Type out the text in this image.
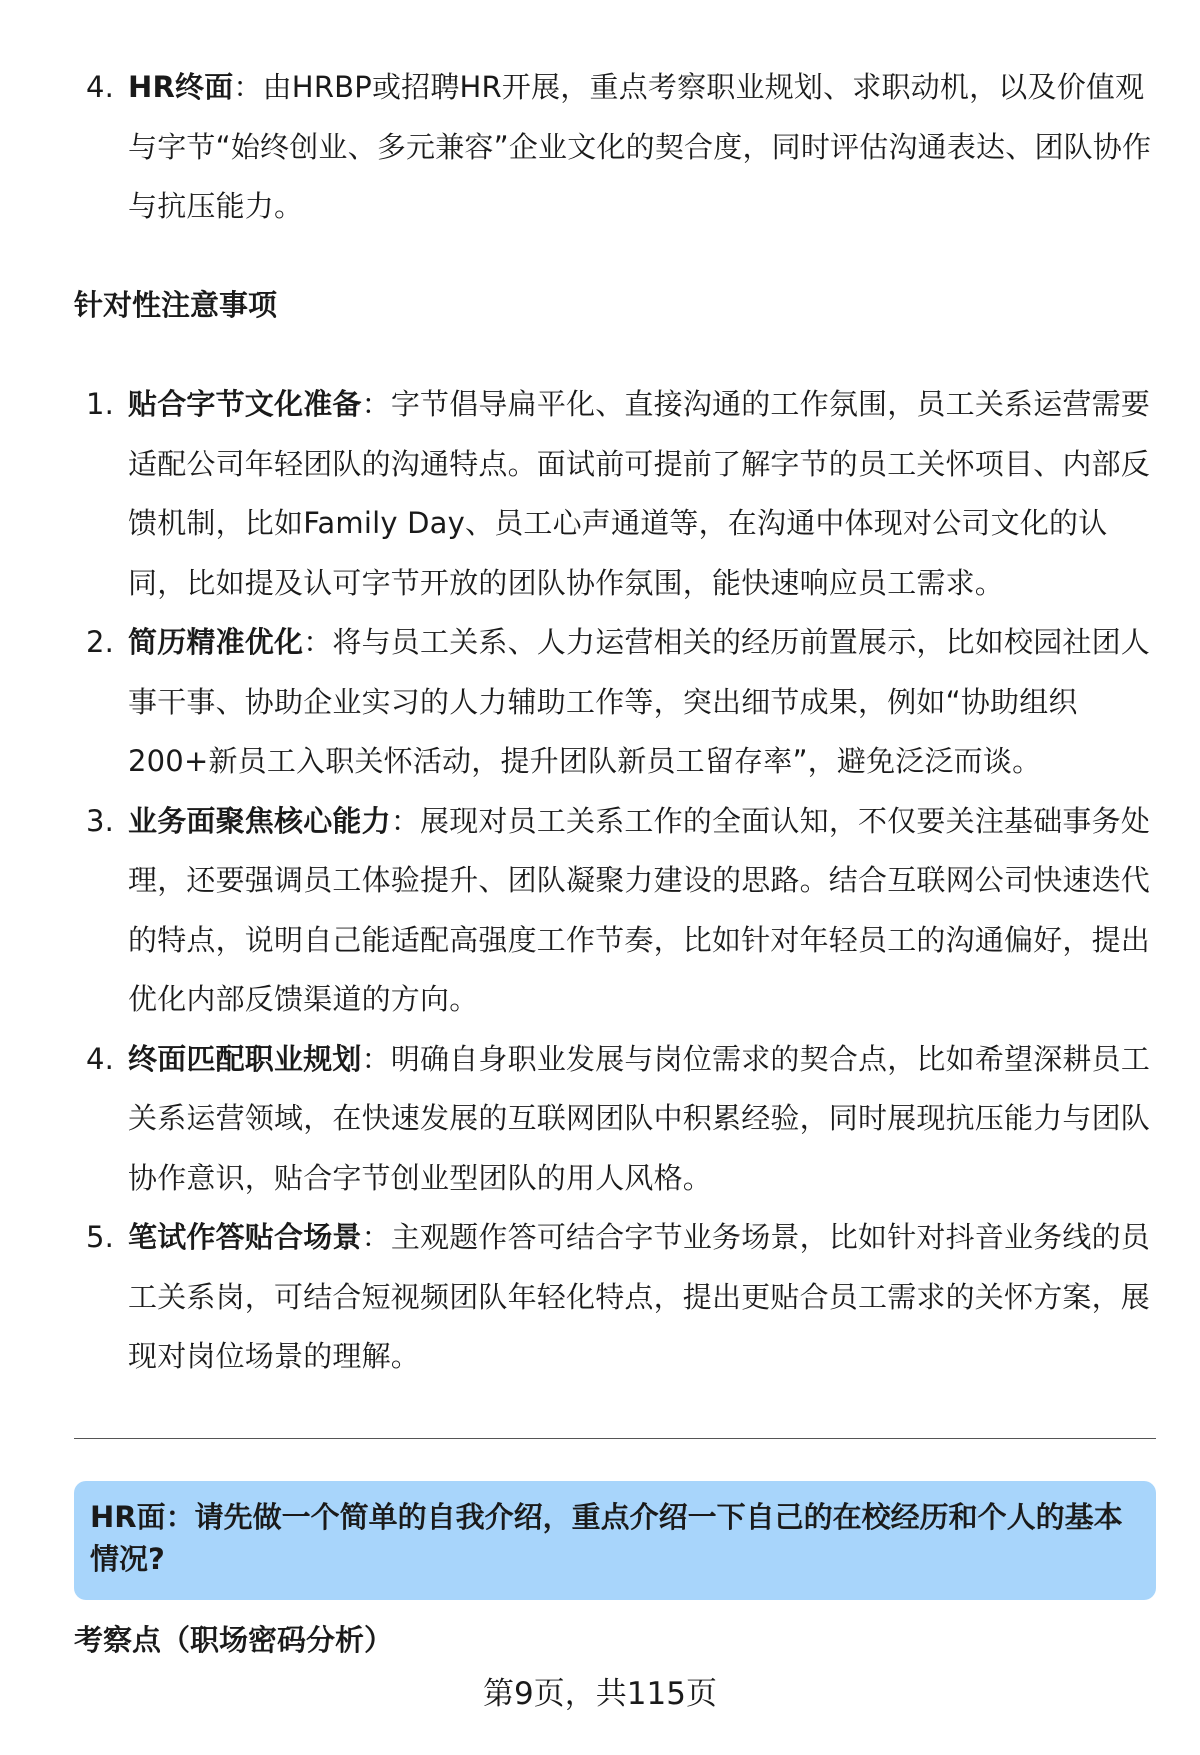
4. HR终面：由HRBP或招聘HR开展，重点考察职业规划、求职动机，以及价值观与字节“始终创业、多元兼容”企业文化的契合度，同时评估沟通表达、团队协作与抗压能力。
针对性注意事项
1. 贴合字节文化准备：字节倡导扁平化、直接沟通的工作氛围，员工关系运营需要适配公司年轻团队的沟通特点。面试前可提前了解字节的员工关怀项目、内部反馈机制，比如Family Day、员工心声通道等，在沟通中体现对公司文化的认同，比如提及认可字节开放的团队协作氛围，能快速响应员工需求。
2. 简历精准优化：将与员工关系、人力运营相关的经历前置展示，比如校园社团人事干事、协助企业实习的人力辅助工作等，突出细节成果，例如“协助组织200+新员工入职关怀活动，提升团队新员工留存率”，避免泛泛而谈。
3. 业务面聚焦核心能力：展现对员工关系工作的全面认知，不仅要关注基础事务处理，还要强调员工体验提升、团队凝聚力建设的思路。结合互联网公司快速迭代的特点，说明自己能适配高强度工作节奏，比如针对年轻员工的沟通偏好，提出优化内部反馈渠道的方向。
4. 终面匹配职业规划：明确自身职业发展与岗位需求的契合点，比如希望深耕员工关系运营领域，在快速发展的互联网团队中积累经验，同时展现抗压能力与团队协作意识，贴合字节创业型团队的用人风格。
5. 笔试作答贴合场景：主观题作答可结合字节业务场景，比如针对抖音业务线的员工关系岗，可结合短视频团队年轻化特点，提出更贴合员工需求的关怀方案，展现对岗位场景的理解。
HR面：请先做一个简单的自我介绍，重点介绍一下自己的在校经历和个人的基本情况?
考察点（职场密码分析）
第9页，共115页
